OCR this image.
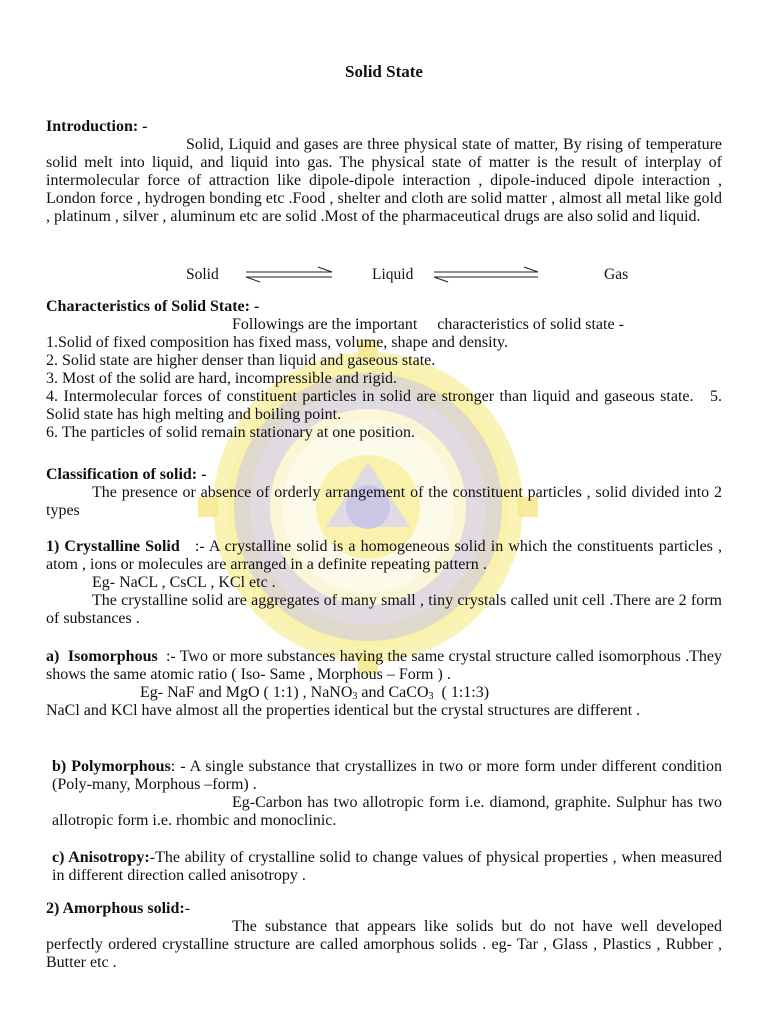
Solid State

Introduction: -

Solid, Liquid and gases are three physical state of matter, By rising of temperature solid melt into liquid, and liquid into gas. The physical state of matter is the result of interplay of intermolecular force of attraction like dipole-dipole interaction , dipole-induced dipole interaction , London force , hydrogen bonding etc .Food , shelter and cloth are solid matter , almost all metal like gold , platinum , silver , aluminum etc are solid .Most of the pharmaceutical drugs are also solid and liquid.

Solid	Liquid	Gas

Characteristics of Solid State: -

Followings are the important     characteristics of solid state -

1.Solid of fixed composition has fixed mass, volume, shape and density.

2. Solid state are higher denser than liquid and gaseous state.

3. Most of the solid are hard, incompressible and rigid.

4. Intermolecular forces of constituent particles in solid are stronger than liquid and gaseous state.   5. Solid state has high melting and boiling point.

6. The particles of solid remain stationary at one position.

Classification of solid: -

The presence or absence of orderly arrangement of the constituent particles , solid divided into 2 types

1) Crystalline Solid :- A crystalline solid is a homogeneous solid in which the constituents particles , atom , ions or molecules are arranged in a definite repeating pattern .

Eg- NaCL , CsCL , KCl etc .

The crystalline solid are aggregates of many small , tiny crystals called unit cell .There are 2 form of substances .

a)  Isomorphous :- Two or more substances having the same crystal structure called isomorphous .They shows the same atomic ratio ( Iso- Same , Morphous – Form ) .

Eg- NaF and MgO ( 1:1) , NaNO$_3$ and CaCO$_3$  ( 1:1:3)

NaCl and KCl have almost all the properties identical but the crystal structures are different .

b) Polymorphous: - A single substance that crystallizes in two or more form under different condition (Poly-many, Morphous –form) .

Eg-Carbon has two allotropic form i.e. diamond, graphite. Sulphur has two allotropic form i.e. rhombic and monoclinic.

c) Anisotropy:-The ability of crystalline solid to change values of physical properties , when measured in different direction called anisotropy .

2) Amorphous solid:-

The substance that appears like solids but do not have well developed perfectly ordered crystalline structure are called amorphous solids . eg- Tar , Glass , Plastics , Rubber , Butter etc .
